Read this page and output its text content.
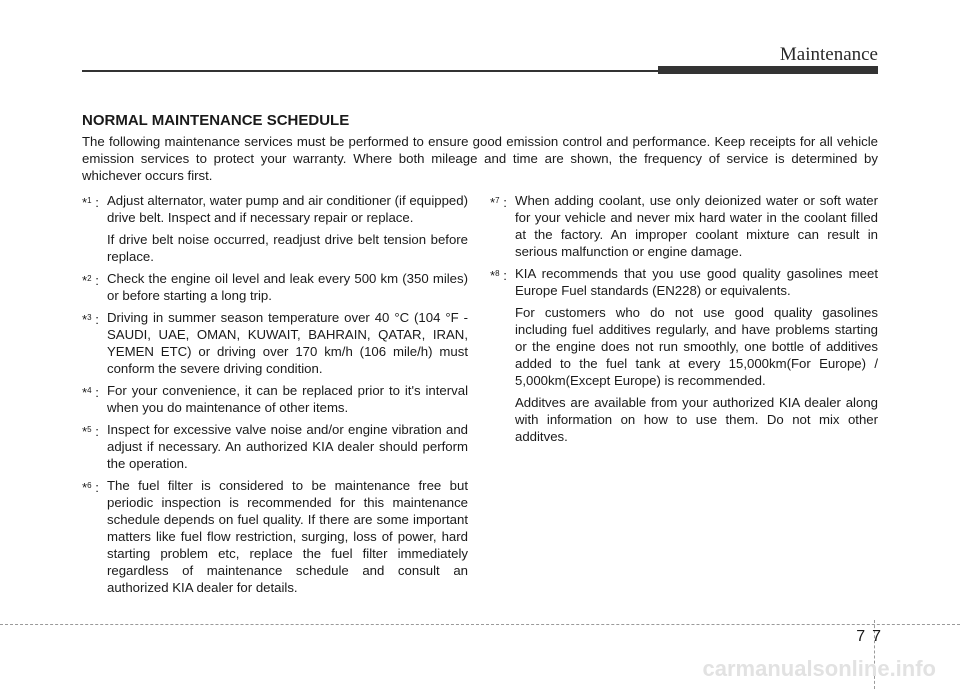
Maintenance
NORMAL MAINTENANCE SCHEDULE

The following maintenance services must be performed to ensure good emission control and performance. Keep receipts for all vehicle emission services to protect your warranty. Where both mileage and time are shown, the frequency of service is determined by whichever occurs first.

*$^1$ : Adjust alternator, water pump and air conditioner (if equipped) drive belt. Inspect and if necessary repair or replace.

If drive belt noise occurred, readjust drive belt tension before replace.

*$^2$ : Check the engine oil level and leak every 500 km (350 miles) or before starting a long trip.

*$^3$ : Driving in summer season temperature over 40 °C (104 °F - SAUDI, UAE, OMAN, KUWAIT, BAHRAIN, QATAR, IRAN, YEMEN ETC) or driving over 170 km/h (106 mile/h) must conform the severe driving condition.

*$^4$ : For your convenience, it can be replaced prior to it's interval when you do maintenance of other items.

*$^5$ : Inspect for excessive valve noise and/or engine vibration and adjust if necessary. An authorized KIA dealer should perform the operation.

*$^6$ : The fuel filter is considered to be maintenance free but periodic inspection is recommended for this maintenance schedule depends on fuel quality. If there are some important matters like fuel flow restriction, surging, loss of power, hard starting problem etc, replace the fuel filter immediately regardless of maintenance schedule and consult an authorized KIA dealer for details.

*$^7$ : When adding coolant, use only deionized water or soft water for your vehicle and never mix hard water in the coolant filled at the factory. An improper coolant mixture can result in serious malfunction or engine damage.

*$^8$ : KIA recommends that you use good quality gasolines meet Europe Fuel standards (EN228) or equivalents.

For customers who do not use good quality gasolines including fuel additives regularly, and have problems starting or the engine does not run smoothly, one bottle of additives added to the fuel tank at every 15,000km(For Europe) / 5,000km(Except Europe) is recommended.

Additves are available from your authorized KIA dealer along with information on how to use them. Do not mix other additves.

77
carmanualsonline.info
